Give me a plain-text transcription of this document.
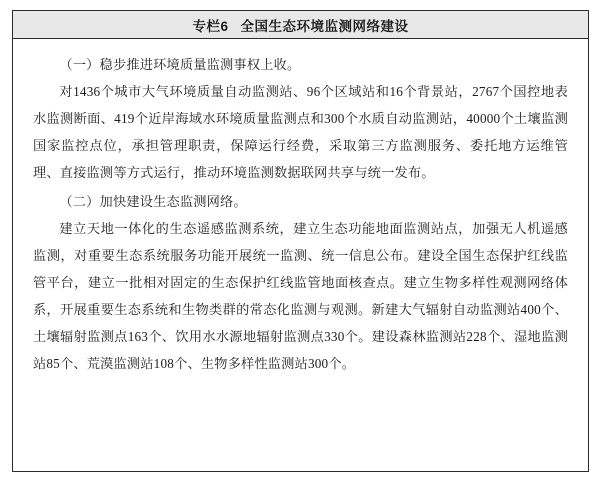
专栏6 全国生态环境监测网络建设

（一）稳步推进环境质量监测事权上收。

对1436个城市大气环境质量自动监测站、96个区域站和16个背景站，2767个国控地表水监测断面、419个近岸海域水环境质量监测点和300个水质自动监测站，40000个土壤监测国家监控点位，承担管理职责，保障运行经费，采取第三方监测服务、委托地方运维管理、直接监测等方式运行，推动环境监测数据联网共享与统一发布。

（二）加快建设生态监测网络。

建立天地一体化的生态遥感监测系统，建立生态功能地面监测站点，加强无人机遥感监测，对重要生态系统服务功能开展统一监测、统一信息公布。建设全国生态保护红线监管平台，建立一批相对固定的生态保护红线监管地面核查点。建立生物多样性观测网络体系，开展重要生态系统和生物类群的常态化监测与观测。新建大气辐射自动监测站400个、土壤辐射监测点163个、饮用水水源地辐射监测点330个。建设森林监测站228个、湿地监测站85个、荒漠监测站108个、生物多样性监测站300个。
